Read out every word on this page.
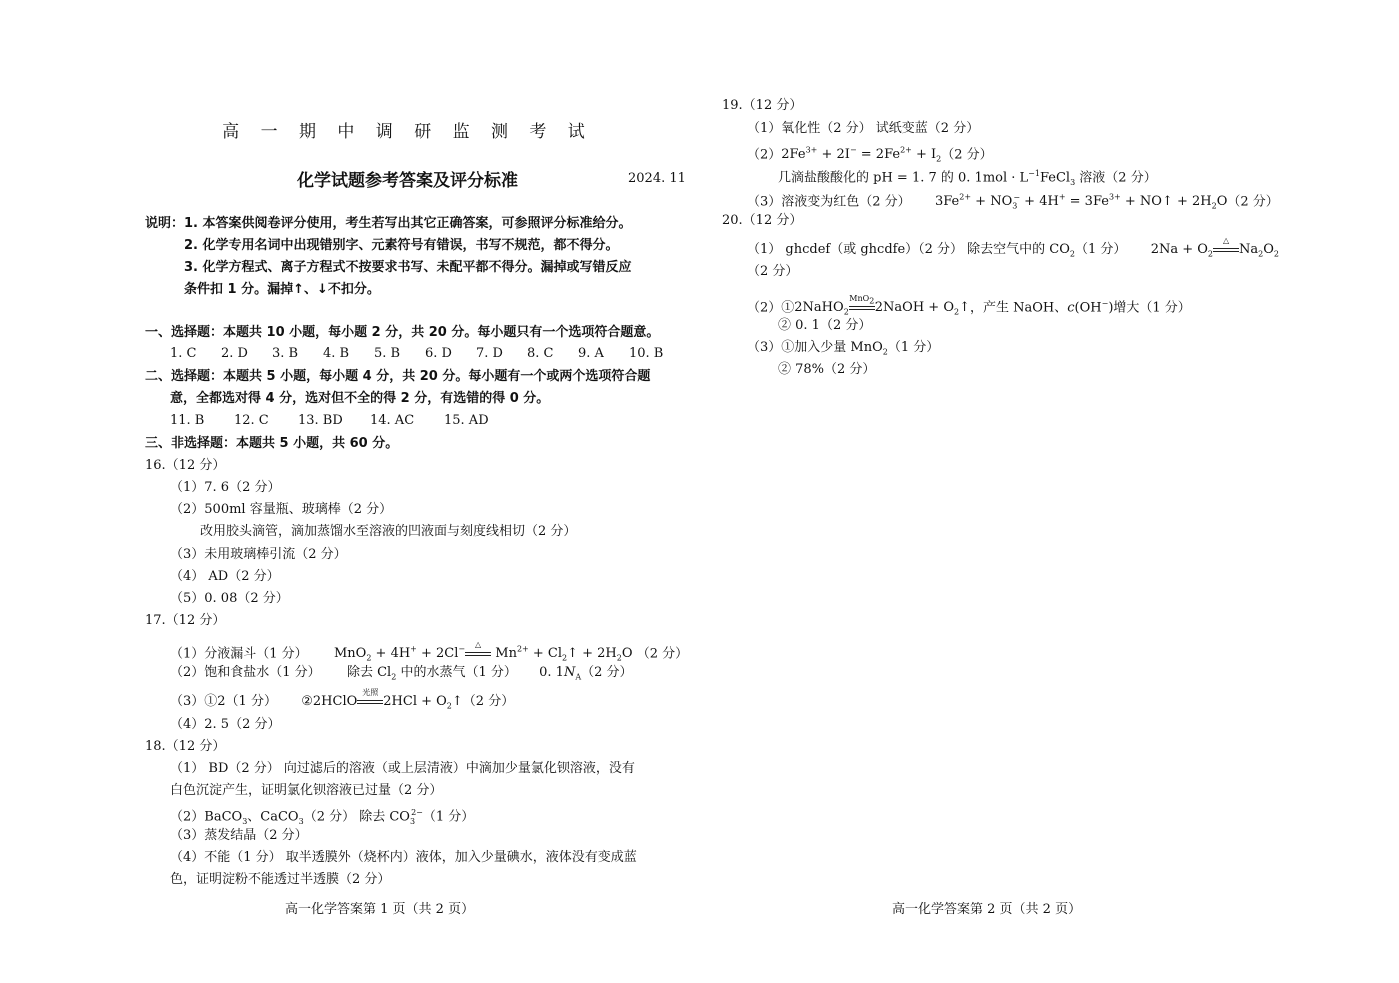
高 一 期 中 调 研 监 测 考 试
化学试题参考答案及评分标准	2024. 11
说明： 1. 本答案供阅卷评分使用，考生若写出其它正确答案，可参照评分标准给分。
2. 化学专用名词中出现错别字、元素符号有错误，书写不规范，都不得分。
3. 化学方程式、离子方程式不按要求书写、未配平都不得分。漏掉或写错反应
条件扣 1 分。漏掉↑、↓不扣分。
一、选择题：本题共 10 小题，每小题 2 分，共 20 分。每小题只有一个选项符合题意。
1. C 2. D 3. B 4. B 5. B 6. D 7. D 8. C 9. A 10. B
二、选择题：本题共 5 小题，每小题 4 分，共 20 分。每小题有一个或两个选项符合题
意，全都选对得 4 分，选对但不全的得 2 分，有选错的得 0 分。
11. B 12. C 13. BD 14. AC 15. AD
三、非选择题：本题共 5 小题，共 60 分。
16.（12 分）
（1）7. 6（2 分）
（2）500ml 容量瓶、玻璃棒（2 分）
改用胶头滴管，滴加蒸馏水至溶液的凹液面与刻度线相切（2 分）
（3）未用玻璃棒引流（2 分）
（4） AD（2 分）
（5）0. 08（2 分）
17.（12 分）
（1）分液漏斗（1 分） MnO$_2$ + 4H+ + 2Cl−
△
$Mn^{2+}$ + $Cl_2↑ + 2H_2O$ （2 分）
（2）饱和食盐水（1 分） 除去 $Cl_2$ 中的水蒸气（1 分） 0. $1N_A(2$ 分）
（3）①2（1 分） ②2HClO
光照
$2HCl + O_2↑(2$ 分）
（4）2. 5（2 分）
18.（12 分）
（1） BD（2 分） 向过滤后的溶液（或上层清液）中滴加少量氯化钡溶液，没有
白色沉淀产生，证明氯化钡溶液已过量（2 分）
（2）BaCO$_3$、CaCO$_3$（2 分） 除去 $CO_3^{2-}(1$ 分）
（3）蒸发结晶（2 分）
（4）不能（1 分） 取半透膜外（烧杯内）液体，加入少量碘水，液体没有变成蓝
色，证明淀粉不能透过半透膜（2 分）
高一化学答案第 1 页（共 2 页）
19.（12 分）
（1）氧化性（2 分） 试纸变蓝（2 分）
$(2)2Fe^{3+} + 2I^- = 2Fe^{2+} + I_2(2$ 分）
几滴盐酸酸化的 pH = 1. 7 的 0. $1mol \cdot L^{-1}FeCl_3$ 溶液（2 分）
（3）溶液变为红色（2 分） $3Fe^{2+} + NO_3^- + 4H^+ = 3Fe^{3+}$ + NO↑ + $2H_2O(2$ 分）
20.（12 分）
（1） ghcdef（或 ghcdfe）（2 分） 除去空气中的 $CO_2(1$ 分） $2Na + O_2$
△
$Na_2O_2$
（2 分）
（2）①2NaHO$_2$
MnO$_2$ 2NaOH + $O_2↑$，产生 NaOH、c(OH−)增大（1 分）
② 0. 1（2 分）
（3）①加入少量 MnO$_2$（1 分）
② 78%（2 分）
高一化学答案第 2 页（共 2 页）
